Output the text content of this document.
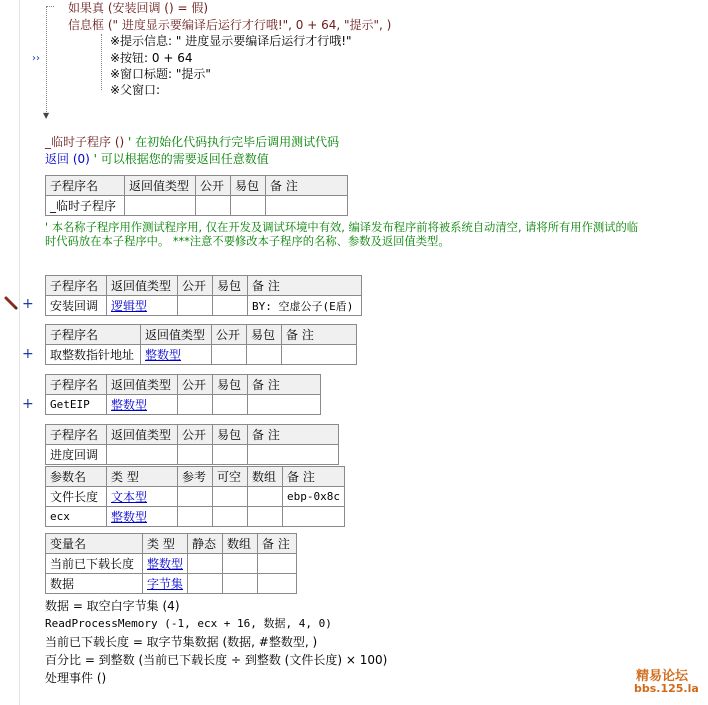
▼
如果真 (安装回调 () = 假)
信息框 (" 进度显示要编译后运行才行哦!", 0 + 64, "提示", )
※提示信息: " 进度显示要编译后运行才行哦!"
※按钮: 0 + 64
※窗口标题: "提示"
※父窗口:
››
_临时子程序 () ' 在初始化代码执行完毕后调用测试代码
返回 (0) ' 可以根据您的需要返回任意数值
子程序名	返回值类型	公开	易包	备 注
_临时子程序				
' 本名称子程序用作测试程序用, 仅在开发及调试环境中有效, 编译发布程序前将被系统自动清空, 请将所有用作测试的临
时代码放在本子程序中。 ***注意不要修改本子程序的名称、参数及返回值类型。
+
子程序名	返回值类型	公开	易包	备 注
安装回调	逻辑型			BY: 空虚公子(E盾)
+
子程序名	返回值类型	公开	易包	备 注
取整数指针地址	整数型			
+
子程序名	返回值类型	公开	易包	备 注
GetEIP	整数型			
子程序名	返回值类型	公开	易包	备 注
进度回调				
参数名	类 型	参考	可空	数组	备 注
文件长度	文本型				ebp-0x8c
ecx	整数型				
变量名	类 型	静态	数组	备 注
当前已下载长度	整数型			
数据	字节集			
数据 = 取空白字节集 (4)
ReadProcessMemory (-1, ecx + 16, 数据, 4, 0)
当前已下载长度 = 取字节集数据 (数据, #整数型, )
百分比 = 到整数 (当前已下载长度 ÷ 到整数 (文件长度) × 100)
处理事件 ()	精易论坛
bbs.125.la
